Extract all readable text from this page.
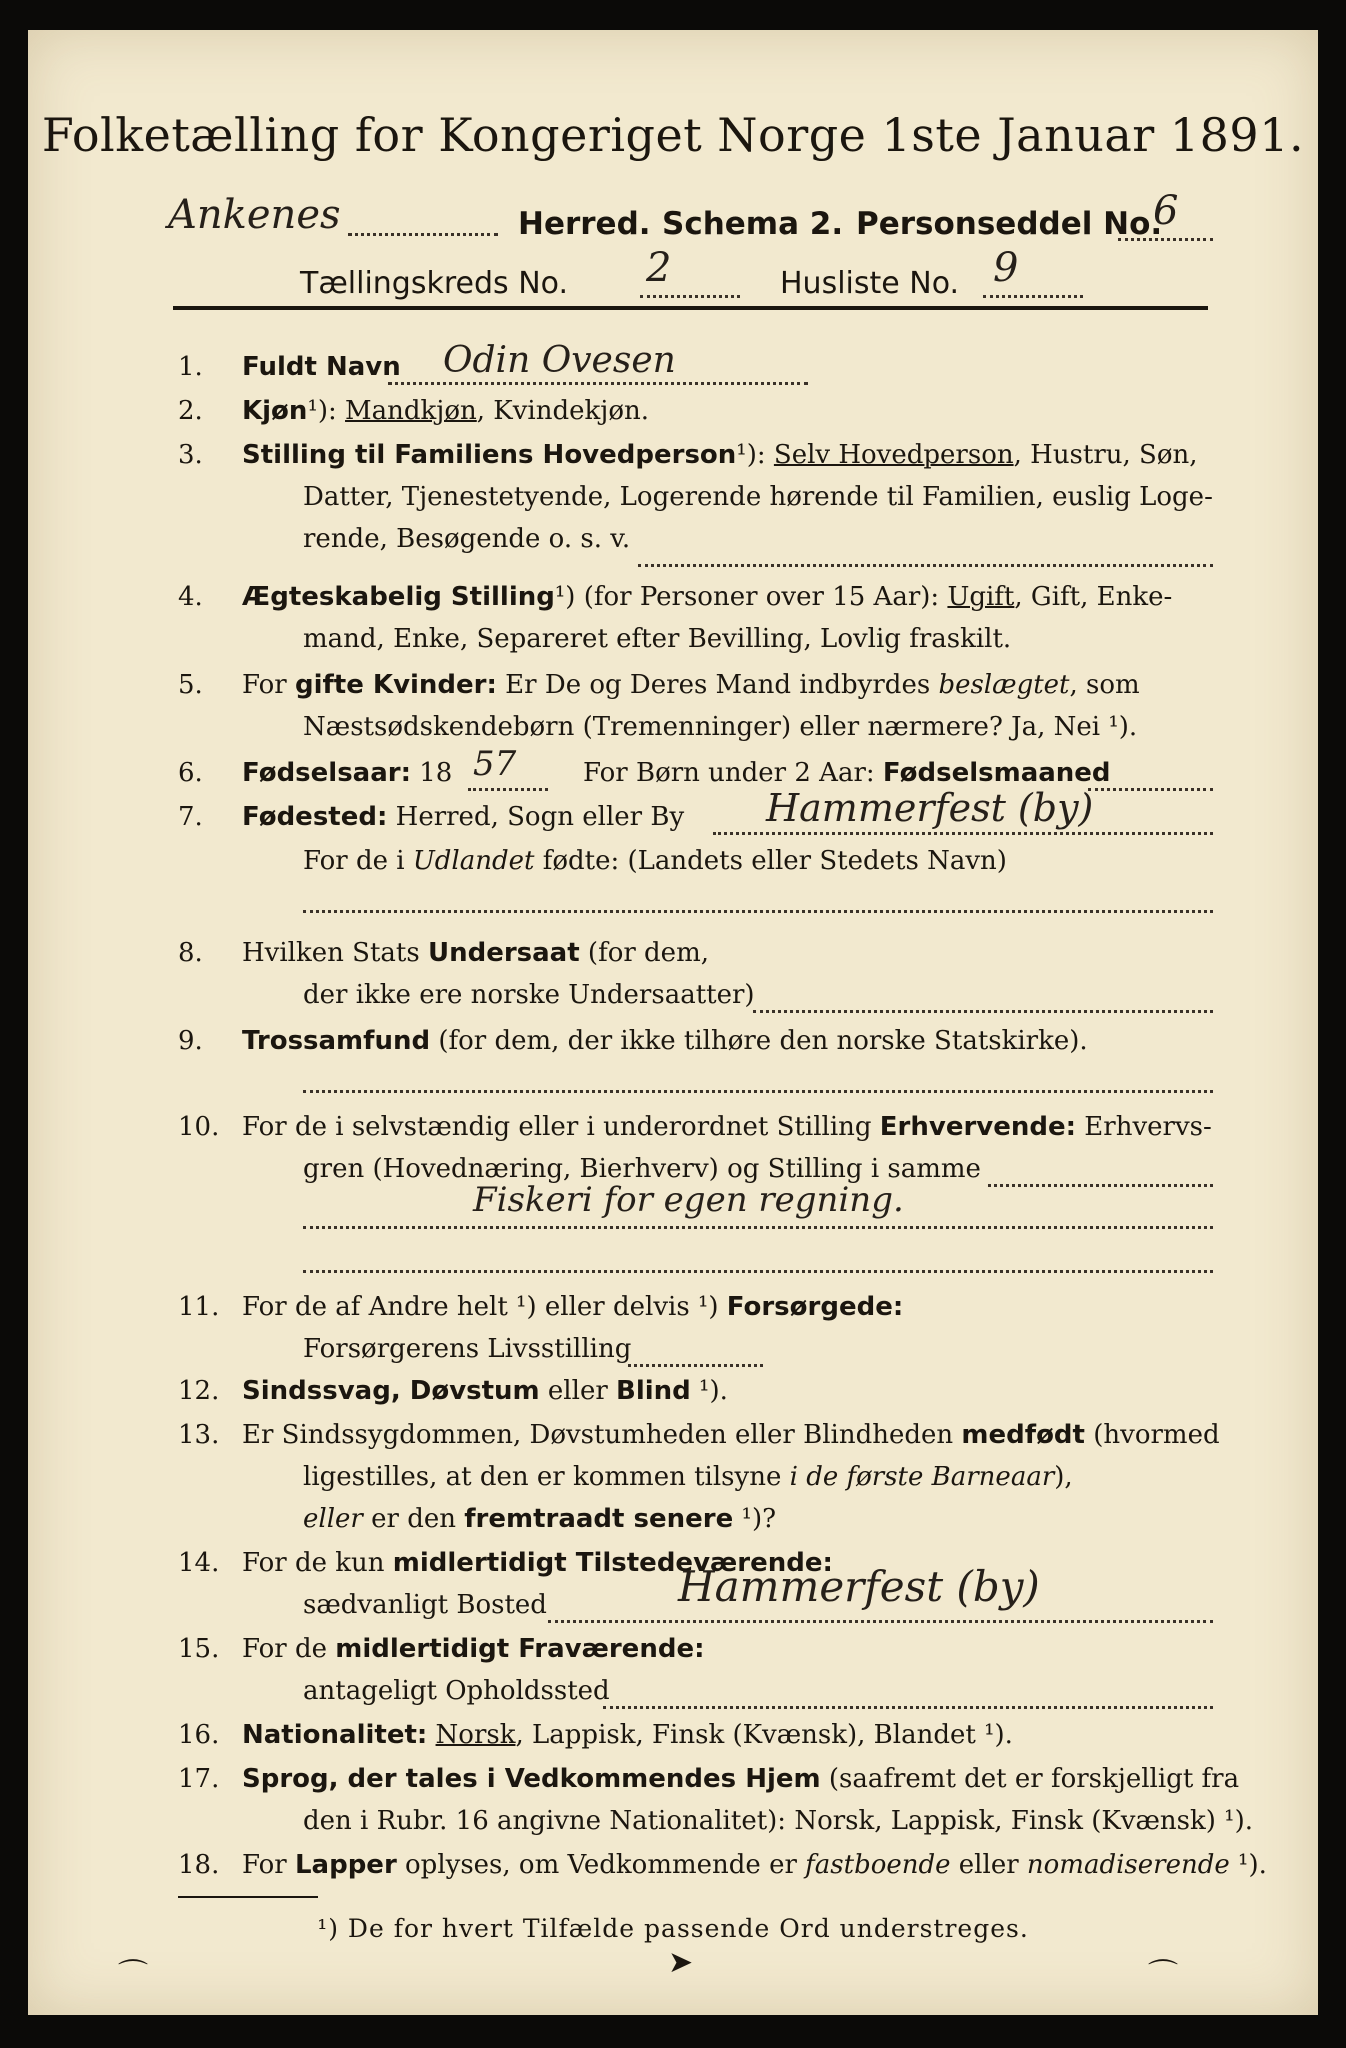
Folketælling for Kongeriget Norge 1ste Januar 1891.
Ankenes	Herred. Schema 2. Personseddel No.
6
Tællingskreds No. 2	Husliste No. 9
1.	Fuldt Navn Odin Ovesen
2.	Kjøn¹): Mandkjøn, Kvindekjøn.
3.	Stilling til Familiens Hovedperson¹): Selv Hovedperson, Hustru, Søn,
Datter, Tjenestetyende, Logerende hørende til Familien, euslig Loge-
rende, Besøgende o. s. v.
4.	Ægteskabelig Stilling¹) (for Personer over 15 Aar): Ugift, Gift, Enke-
mand, Enke, Separeret efter Bevilling, Lovlig fraskilt.
5.	For gifte Kvinder: Er De og Deres Mand indbyrdes beslægtet, som
Næstsødskendebørn (Tremenninger) eller nærmere? Ja, Nei ¹).
6.	Fødselsaar: 18 57	For Børn under 2 Aar: Fødselsmaaned
7.	Fødested: Herred, Sogn eller By Hammerfest (by)
For de i Udlandet fødte: (Landets eller Stedets Navn)
8.	Hvilken Stats Undersaat (for dem,
der ikke ere norske Undersaatter)
9.	Trossamfund (for dem, der ikke tilhøre den norske Statskirke).
10. For de i selvstændig eller i underordnet Stilling Erhvervende: Erhvervs-
gren (Hovednæring, Bierhverv) og Stilling i samme
Fiskeri for egen regning.
11. For de af Andre helt ¹) eller delvis ¹) Forsørgede:
Forsørgerens Livsstilling
12. Sindssvag, Døvstum eller Blind ¹).
13. Er Sindssygdommen, Døvstumheden eller Blindheden medfødt (hvormed
ligestilles, at den er kommen tilsyne i de første Barneaar),
eller er den fremtraadt senere ¹)?
14. For de kun midlertidigt Tilstedeværende:
sædvanligt Bosted	Hammerfest (by)
15. For de midlertidigt Fraværende:
antageligt Opholdssted
16. Nationalitet: Norsk, Lappisk, Finsk (Kvænsk), Blandet ¹).
17. Sprog, der tales i Vedkommendes Hjem (saafremt det er forskjelligt fra
den i Rubr. 16 angivne Nationalitet): Norsk, Lappisk, Finsk (Kvænsk) ¹).
18. For Lapper oplyses, om Vedkommende er fastboende eller nomadiserende ¹).
¹) De for hvert Tilfælde passende Ord understreges.
⌒	➤	⌒
